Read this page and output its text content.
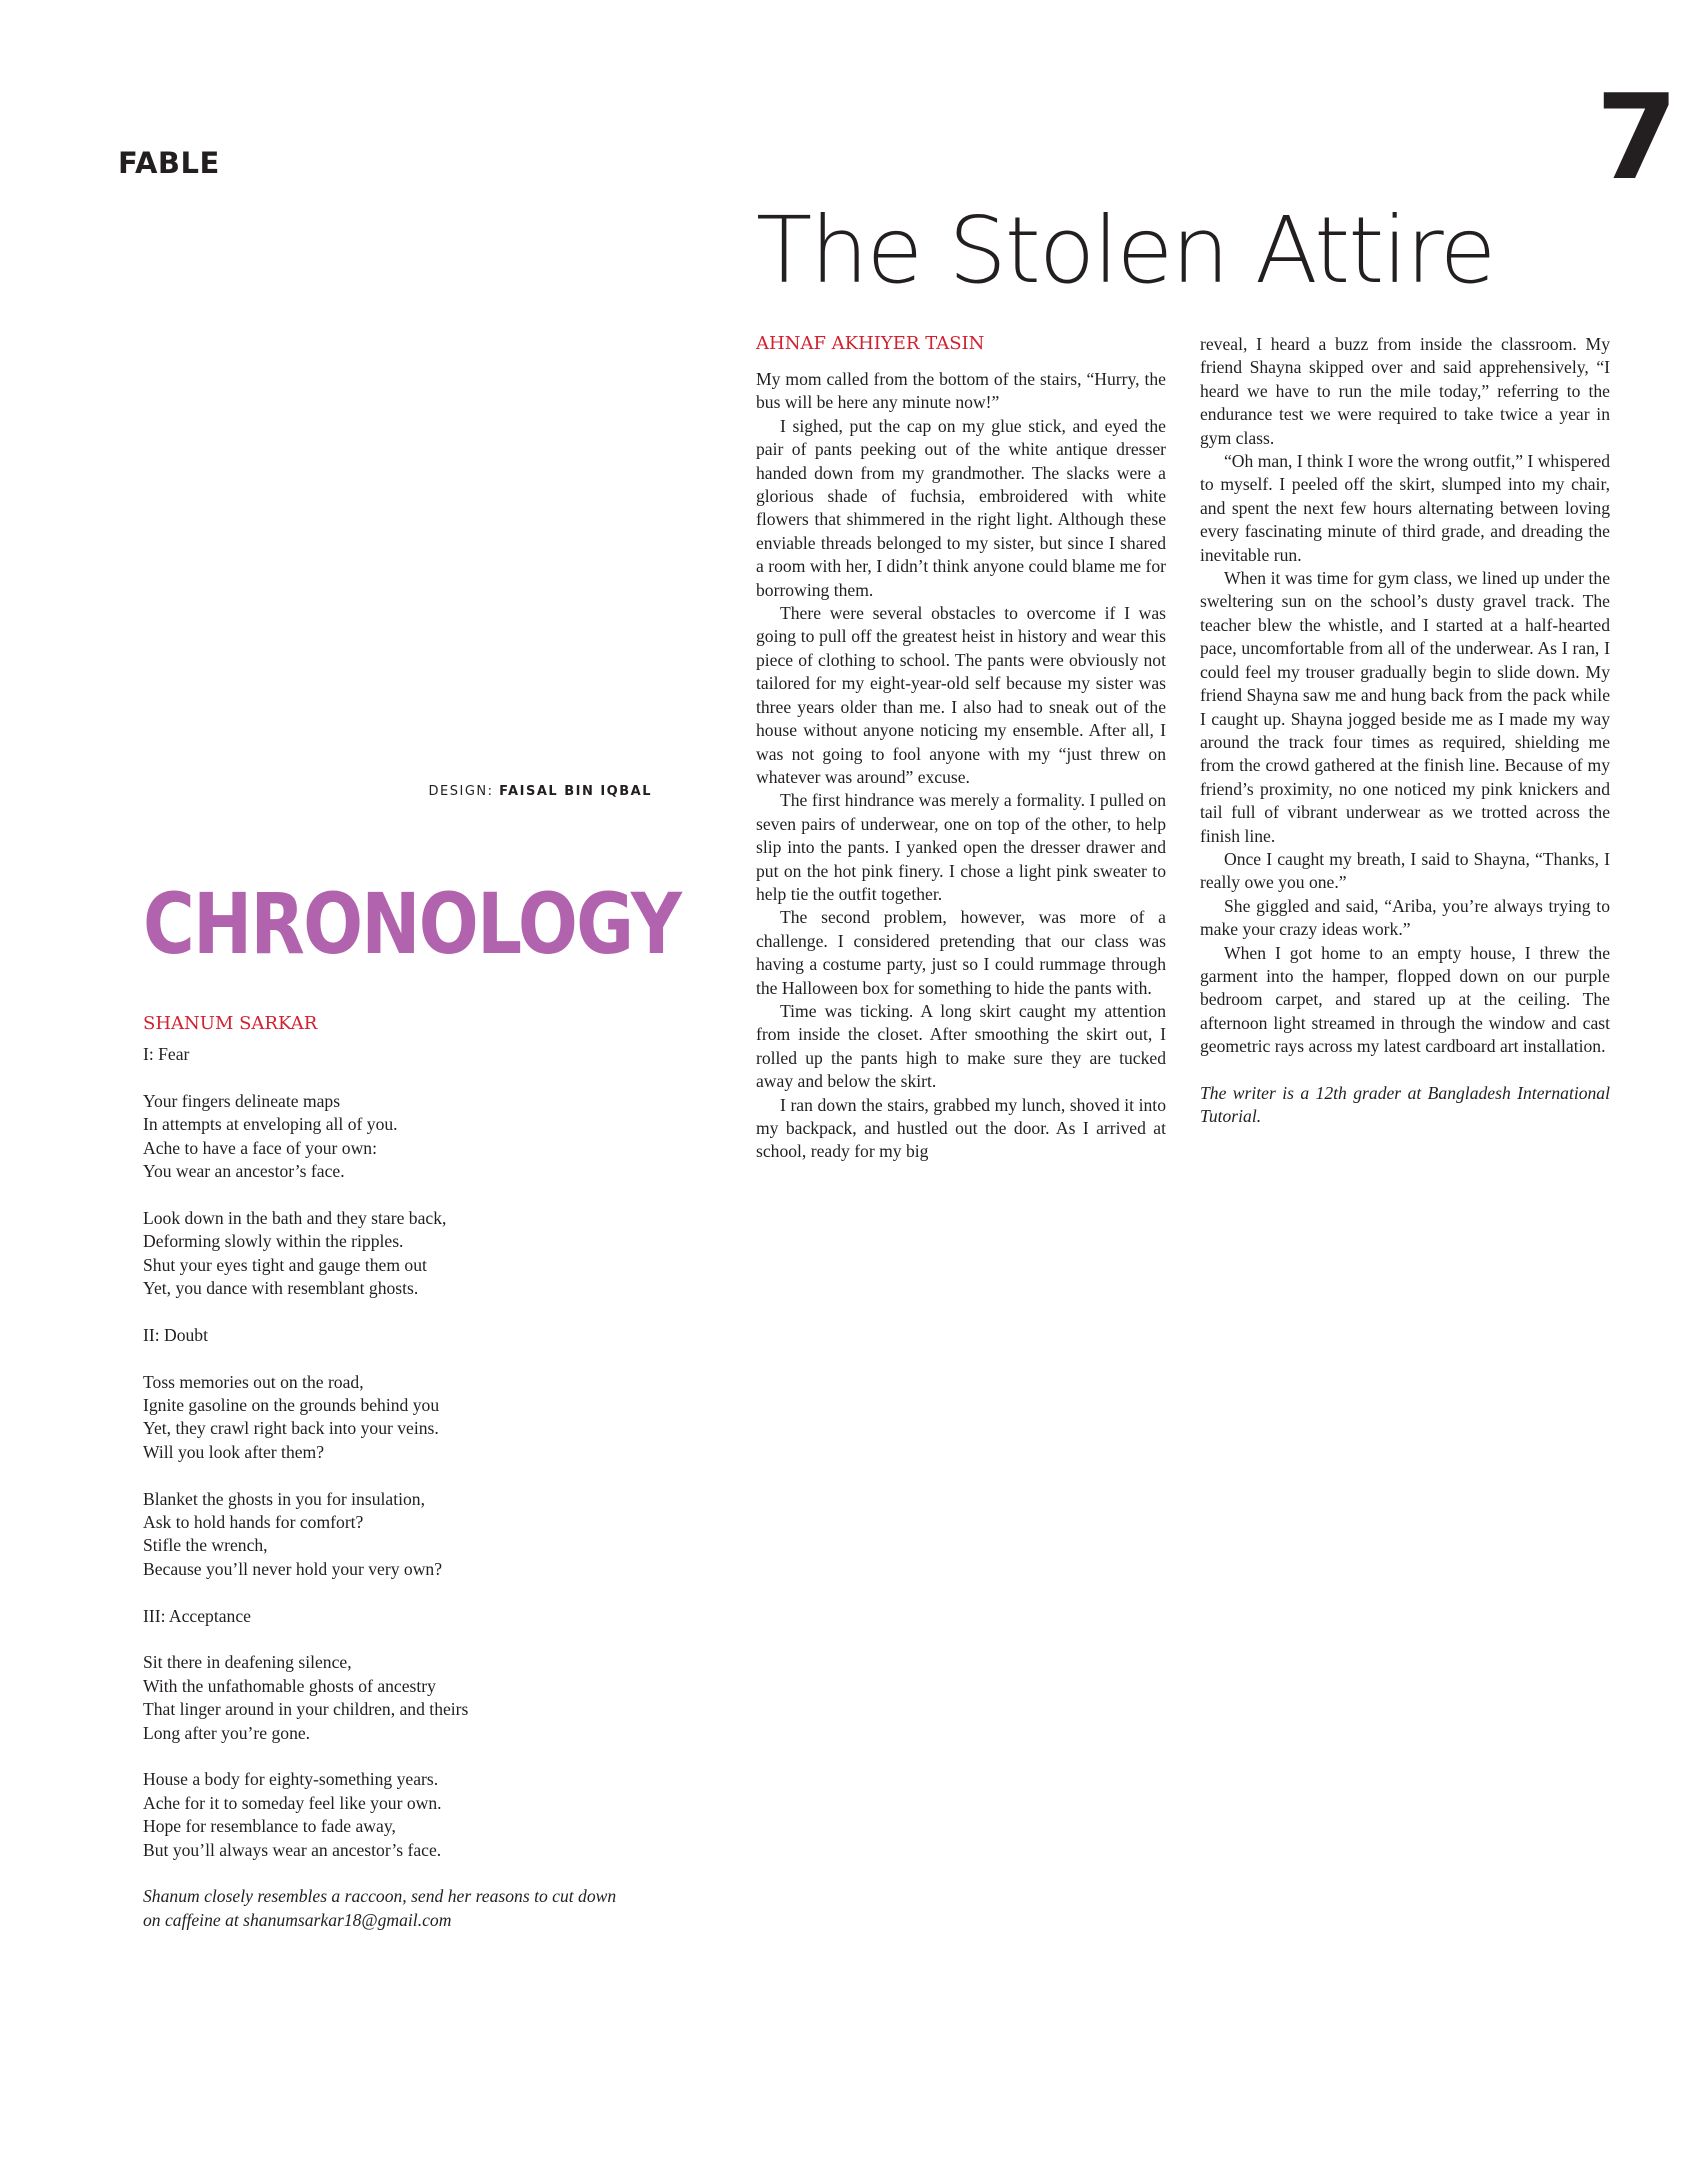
FABLE	7
The Stolen Attire

AHNAF AKHIYER TASIN

My mom called from the bottom of the stairs, “Hurry, the bus will be here any minute now!”

I sighed, put the cap on my glue stick, and eyed the pair of pants peeking out of the white antique dresser handed down from my grandmother. The slacks were a glorious shade of fuchsia, embroidered with white flowers that shimmered in the right light. Although these enviable threads belonged to my sister, but since I shared a room with her, I didn’t think anyone could blame me for borrowing them.

There were several obstacles to overcome if I was going to pull off the greatest heist in history and wear this piece of clothing to school. The pants were obviously not tailored for my eight-year-old self because my sister was three years older than me. I also had to sneak out of the house without anyone noticing my ensemble. After all, I was not going to fool anyone with my “just threw on whatever was around” excuse.

The first hindrance was merely a formality. I pulled on seven pairs of underwear, one on top of the other, to help slip into the pants. I yanked open the dresser drawer and put on the hot pink finery. I chose a light pink sweater to help tie the outfit together.

The second problem, however, was more of a challenge. I considered pretending that our class was having a costume party, just so I could rummage through the Halloween box for something to hide the pants with.

Time was ticking. A long skirt caught my attention from inside the closet. After smoothing the skirt out, I rolled up the pants high to make sure they are tucked away and below the skirt.

I ran down the stairs, grabbed my lunch, shoved it into my backpack, and hustled out the door. As I arrived at school, ready for my big

reveal, I heard a buzz from inside the classroom. My friend Shayna skipped over and said apprehensively, “I heard we have to run the mile today,” referring to the endurance test we were required to take twice a year in gym class.

“Oh man, I think I wore the wrong outfit,” I whispered to myself. I peeled off the skirt, slumped into my chair, and spent the next few hours alternating between loving every fascinating minute of third grade, and dreading the inevitable run.

When it was time for gym class, we lined up under the sweltering sun on the school’s dusty gravel track. The teacher blew the whistle, and I started at a half-hearted pace, uncomfortable from all of the underwear. As I ran, I could feel my trouser gradually begin to slide down. My friend Shayna saw me and hung back from the pack while I caught up. Shayna jogged beside me as I made my way around the track four times as required, shielding me from the crowd gathered at the finish line. Because of my friend’s proximity, no one noticed my pink knickers and tail full of vibrant underwear as we trotted across the finish line.

Once I caught my breath, I said to Shayna, “Thanks, I really owe you one.”

She giggled and said, “Ariba, you’re always trying to make your crazy ideas work.”

When I got home to an empty house, I threw the garment into the hamper, flopped down on our purple bedroom carpet, and stared up at the ceiling. The afternoon light streamed in through the window and cast geometric rays across my latest cardboard art installation.

The writer is a 12th grader at Bangladesh International Tutorial.

DESIGN: FAISAL BIN IQBAL
CHRONOLOGY

SHANUM SARKAR

I: Fear

Your fingers delineate maps

In attempts at enveloping all of you.

Ache to have a face of your own:

You wear an ancestor’s face.

Look down in the bath and they stare back,

Deforming slowly within the ripples.

Shut your eyes tight and gauge them out

Yet, you dance with resemblant ghosts.

II: Doubt

Toss memories out on the road,

Ignite gasoline on the grounds behind you

Yet, they crawl right back into your veins.

Will you look after them?

Blanket the ghosts in you for insulation,

Ask to hold hands for comfort?

Stifle the wrench,

Because you’ll never hold your very own?

III: Acceptance

Sit there in deafening silence,

With the unfathomable ghosts of ancestry

That linger around in your children, and theirs

Long after you’re gone.

House a body for eighty-something years.

Ache for it to someday feel like your own.

Hope for resemblance to fade away,

But you’ll always wear an ancestor’s face.

Shanum closely resembles a raccoon, send her reasons to cut down
on caffeine at shanumsarkar18@gmail.com
